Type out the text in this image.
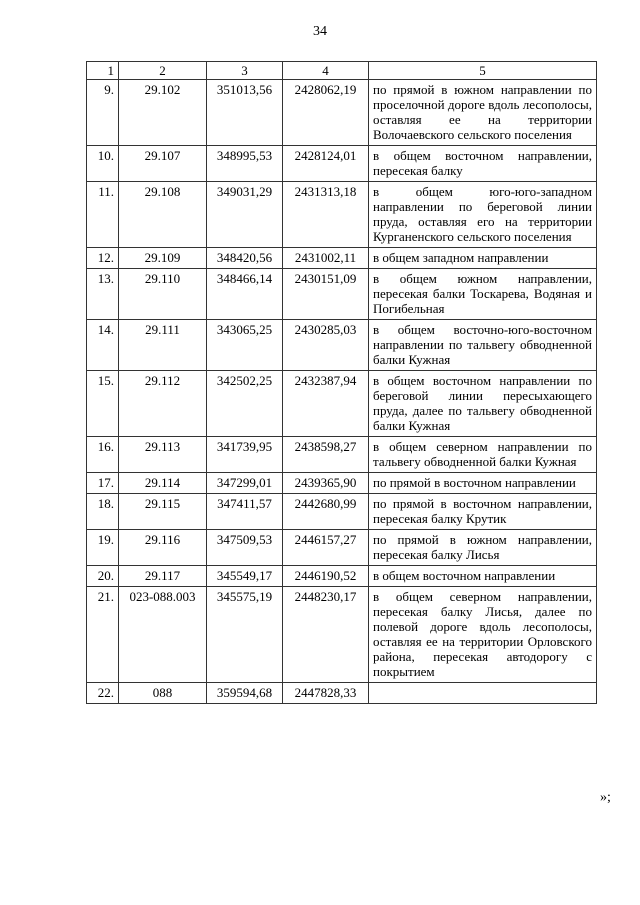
34
1	2	3	4	5
9.	29.102	351013,56	2428062,19	по прямой в южном направлении по проселочной дороге вдоль лесополосы, оставляя ее на территории Волочаевского сельского поселения
10.	29.107	348995,53	2428124,01	в общем восточном направлении, пересекая балку
11.	29.108	349031,29	2431313,18	в общем юго-юго-западном направлении по береговой линии пруда, оставляя его на территории Курганенского сельского поселения
12.	29.109	348420,56	2431002,11	в общем западном направлении
13.	29.110	348466,14	2430151,09	в общем южном направлении, пересекая балки Тоскарева, Водяная и Погибельная
14.	29.111	343065,25	2430285,03	в общем восточно-юго-восточном направлении по тальвегу обводненной балки Кужная
15.	29.112	342502,25	2432387,94	в общем восточном направлении по береговой линии пересыхающего пруда, далее по тальвегу обводненной балки Кужная
16.	29.113	341739,95	2438598,27	в общем северном направлении по тальвегу обводненной балки Кужная
17.	29.114	347299,01	2439365,90	по прямой в восточном направлении
18.	29.115	347411,57	2442680,99	по прямой в восточном направлении, пересекая балку Крутик
19.	29.116	347509,53	2446157,27	по прямой в южном направлении, пересекая балку Лисья
20.	29.117	345549,17	2446190,52	в общем восточном направлении
21.	023-088.003	345575,19	2448230,17	в общем северном направлении, пересекая балку Лисья, далее по полевой дороге вдоль лесополосы, оставляя ее на территории Орловского района, пересекая автодорогу с покрытием
22.	088	359594,68	2447828,33	
»;
